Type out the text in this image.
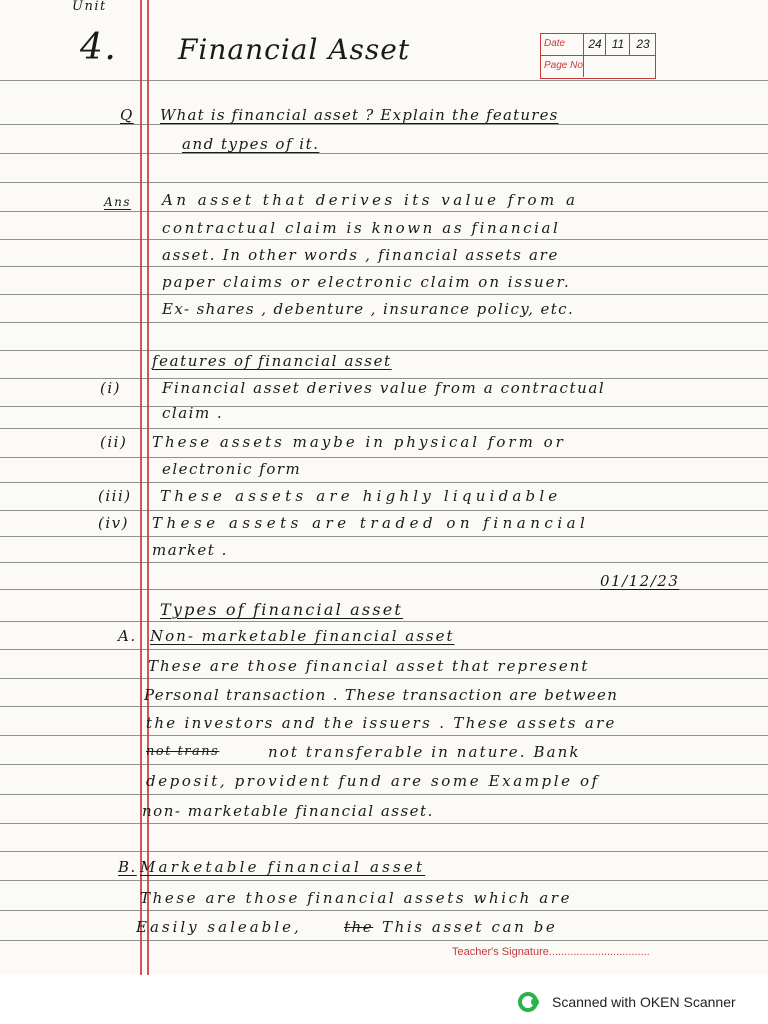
Unit
4. Financial Asset	Date	24 11	23
Page No
Q What is financial asset ? Explain the features
and types of it.
Ans An asset that derives its value from a
contractual claim is known as financial
asset. In other words , financial assets are
paper claims or electronic claim on issuer.
Ex- shares , debenture , insurance policy, etc.
features of financial asset
(i)	Financial asset derives value from a contractual
claim .
(ii) These assets maybe in physical form or
electronic form
(iii) These assets are highly liquidable
(iv) These assets are traded on financial
market .
01/12/23
Types of financial asset
A. Non- marketable financial asset
These are those financial asset that represent
Personal transaction . These transaction are between
the investors and the issuers . These assets are
not trans	not transferable in nature. Bank
deposit, provident fund are some Example of
non- marketable financial asset.
B. Marketable financial asset
These are those financial assets which are
Easily saleable,	the This asset can be
Teacher's Signature.................................
Scanned with OKEN Scanner
